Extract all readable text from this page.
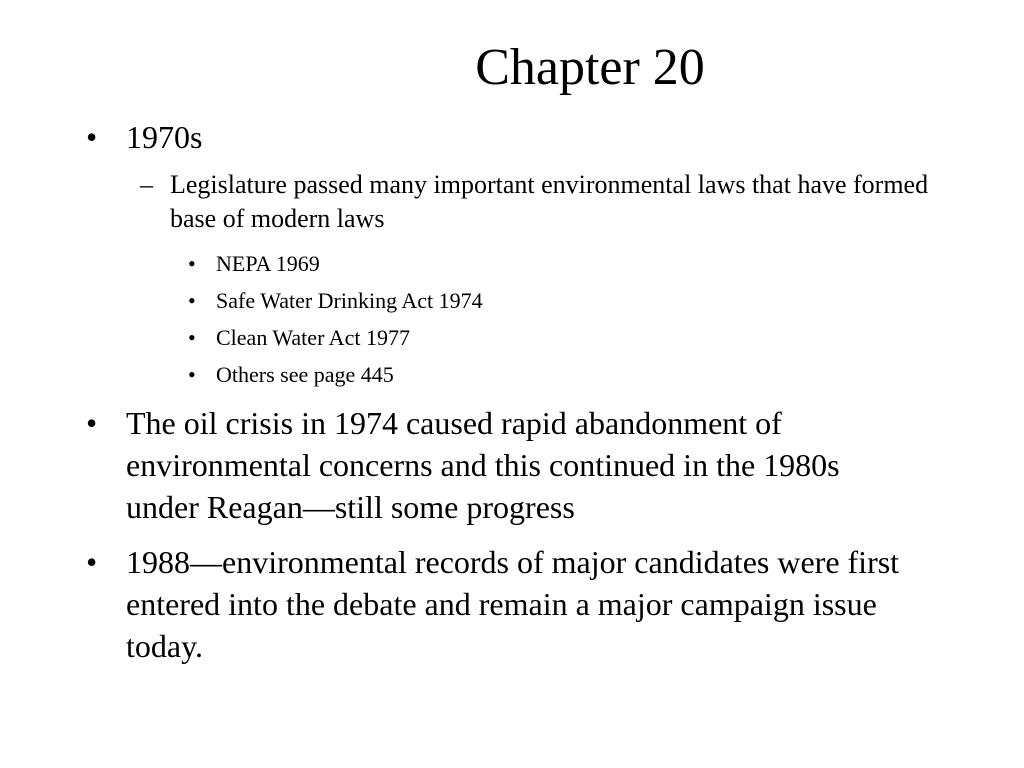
Chapter 20
• 1970s
– Legislature passed many important environmental laws that have formed base of modern laws
• NEPA 1969
• Safe Water Drinking Act 1974
• Clean Water Act 1977
• Others see page 445
• The oil crisis in 1974 caused rapid abandonment of environmental concerns and this continued in the 1980s under Reagan—still some progress
• 1988—environmental records of major candidates were first entered into the debate and remain a major campaign issue today.
